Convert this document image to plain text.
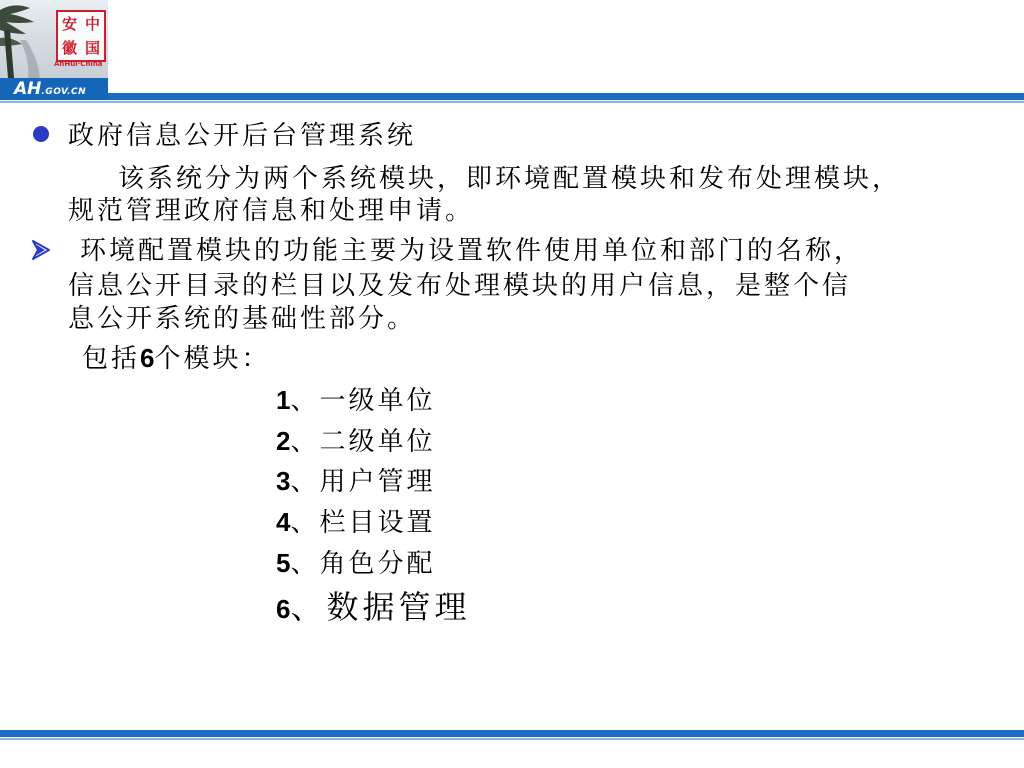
安 中
徽 国
AnHui·China
AH.GOV.CN
政府信息公开后台管理系统
该系统分为两个系统模块，即环境配置模块和发布处理模块，
规范管理政府信息和处理申请。
环境配置模块的功能主要为设置软件使用单位和部门的名称，
信息公开目录的栏目以及发布处理模块的用户信息，是整个信
息公开系统的基础性部分。
包括6个模块：
1、一级单位
2、二级单位
3、用户管理
4、栏目设置
5、角色分配
6、数据管理
